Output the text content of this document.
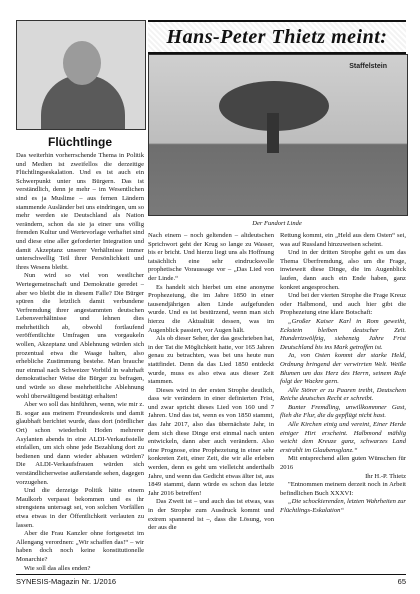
Hans-Peter Thietz meint:
Staffelstein
Der Fundort Linde
Flüchtlinge

Das weiterhin vorherrschende Thema in Politik und Medien ist zweifellos die derzeitige Flüchtlingseskalation. Und es ist auch ein Schwerpunkt unter uns Bürgern. Das ist verständlich, denn je mehr – im Wesentlichen sind es ja Muslime – aus fernen Ländern stammende Ausländer bei uns eindringen, um so mehr werden sie Deutschland als Nation verändern, schon da sie ja einer uns völlig fremden Kultur und Wertevorlage verhaftet sind und diese eine aller geforderter Integration und damit Akzeptanz unserer Verhältnisse immer unterschwellig Teil ihrer Persönlichkeit und ihres Wesens bleibt.

Nun wird so viel von westlicher Wertegemeinschaft und Demokratie geredet – aber wo bleibt die in diesem Falle? Die Bürger spüren die letztlich damit verbundene Verfremdung ihrer angestammten deutschen Lebensverhältnisse und lehnen dies mehrheitlich ab, obwohl fortlaufend veröffentlichte Umfragen uns vorgaukeln wollen, Akzeptanz und Ablehnung würden sich prozentual etwa die Waage halten, also erhebliche Zustimmung bestehe. Man brauche nur einmal nach Schweizer Vorbild in wahrhaft demokratischer Weise die Bürger zu befragen, und würde so diese mehrheitliche Ablehnung wohl überwältigend bestätigt erhalten!

Aber wo soll das hinführen, wenn, wie mir z. B. sogar aus meinem Freundeskreis und damit glaubhaft berichtet wurde, dass dort (nördlicher Ort) schon wiederholt Hoden mehrerer Asylanten abends in eine ALDI-Verkaufsstelle einfallen, um sich ohne jede Bezahlung dort zu bedienen und dann wieder abhauen würden? Die ALDI-Verkaufsfrauen würden sich verständlicherweise außerstande sehen, dagegen vorzugehen.

Und die derzeige Politik hätte einem Maulkorb verpasst bekommen und es ihr strengstens untersagt sei, von solchen Vorfällen etwa etwas in der Öffentlichkeit verlauten zu lassen.

Aber die Frau Kanzler ohne fortgesetzt im Allengang verordnen: „Wir schaffen das!“ – wir haben doch noch keine konstitutionelle Monarchie?

Wie soll das alles enden?

Nach einem – noch geltenden – altdeutschen Sprichwort geht der Krug so lange zu Wasser, bis er bricht. Und hierzu liegt uns als Hoffnung tatsächlich eine sehr eindrucksvolle prophetische Voraussage vor – „Das Lied von der Linde.“

Es handelt sich hierbei um eine anonyme Prophezeiung, die im Jahre 1850 in einer tausendjährigen alten Linde aufgefunden wurde. Und es ist bestürzend, wenn man sich hierzu die Aktualität dessen, was im Augenblick passiert, vor Augen hält.

Als ob dieser Seher, der das geschrieben hat, in der Tat die Möglichkeit hatte, vor 165 Jahren genau zu betrachten, was bei uns heute nun stattfindet. Denn da das Lied 1850 entdeckt wurde, muss es also etwa aus dieser Zeit stammen.

Dieses wird in der ersten Strophe deutlich, dass wir verändern in einer definierten Frist, und zwar spricht dieses Lied von 160 und 7 Jahren. Und das ist, wenn es von 1850 stammt, das Jahr 2017, also das übernächste Jahr, in dem sich diese Dinge erst einmal nach unten entwickeln, dann aber auch verändern. Also eine Prognose, eine Prophezeiung in einer sehr konkreten Zeit, einer Zeit, die wir alle erleben werden, denn es geht um vielleicht anderthalb Jahre, und wenn das Gedicht etwas älter ist, aus 1849 stammt, dann würde es schon das letzte Jahr 2016 betreffen!

Das Zweit ist – und auch das ist etwas, was in der Strophe zum Ausdruck kommt und extrem spannend ist –, dass die Lösung, von der aus die

Rettung kommt, ein „Held aus dem Osten“ sei, was auf Russland hinzuweisen scheint.

Und in der dritten Strophe geht es um das Thema Überfremdung, also um die Frage, inwieweit diese Dinge, die im Augenblick laufen, dann auch ein Ende haben, ganz konkret angesprochen.

Und bei der vierten Strophe die Frage Kreuz oder Halbmond, und auch hier gibt die Prophezeiung eine klare Botschaft:

„Großer Kaiser Karl in Rom geweiht, Eckstein bleiben deutscher Zeit. Hundertzwölfzig, siebenzig Jahre Frist Deutschland bis ins Mark getroffen ist.

Ja, von Osten kommt der starke Held, Ordnung bringend der verwirrten Welt. Weiße Blumen um das Herz des Herrn, seinem Rufe folgt der Wackre gern.

Alle Störer er zu Paaren treibt, Deutschem Reiche deutsches Recht er schreibt.

Bunter Fremdling, unwillkommner Gast, flieh die Flur, die du gepflügt nicht hast.

Alle Kirchen einig und vereint, Einer Herde einiger Hirt erscheint. Halbmond mählig weicht dem Kreuze ganz, schwarzes Land erstrahlt im Glaubensglanz.“

Mit entsprechend allen guten Wünschen für 2016

Ihr H.-P. Thietz

"Entnommen meinem derzeit noch in Arbeit befindlichen Buch XXXVI:

„Die schockierenden, letzten Wahrheiten zur Flüchtlings-Eskalation“

SYNESIS-Magazin Nr. 1/2016	65
